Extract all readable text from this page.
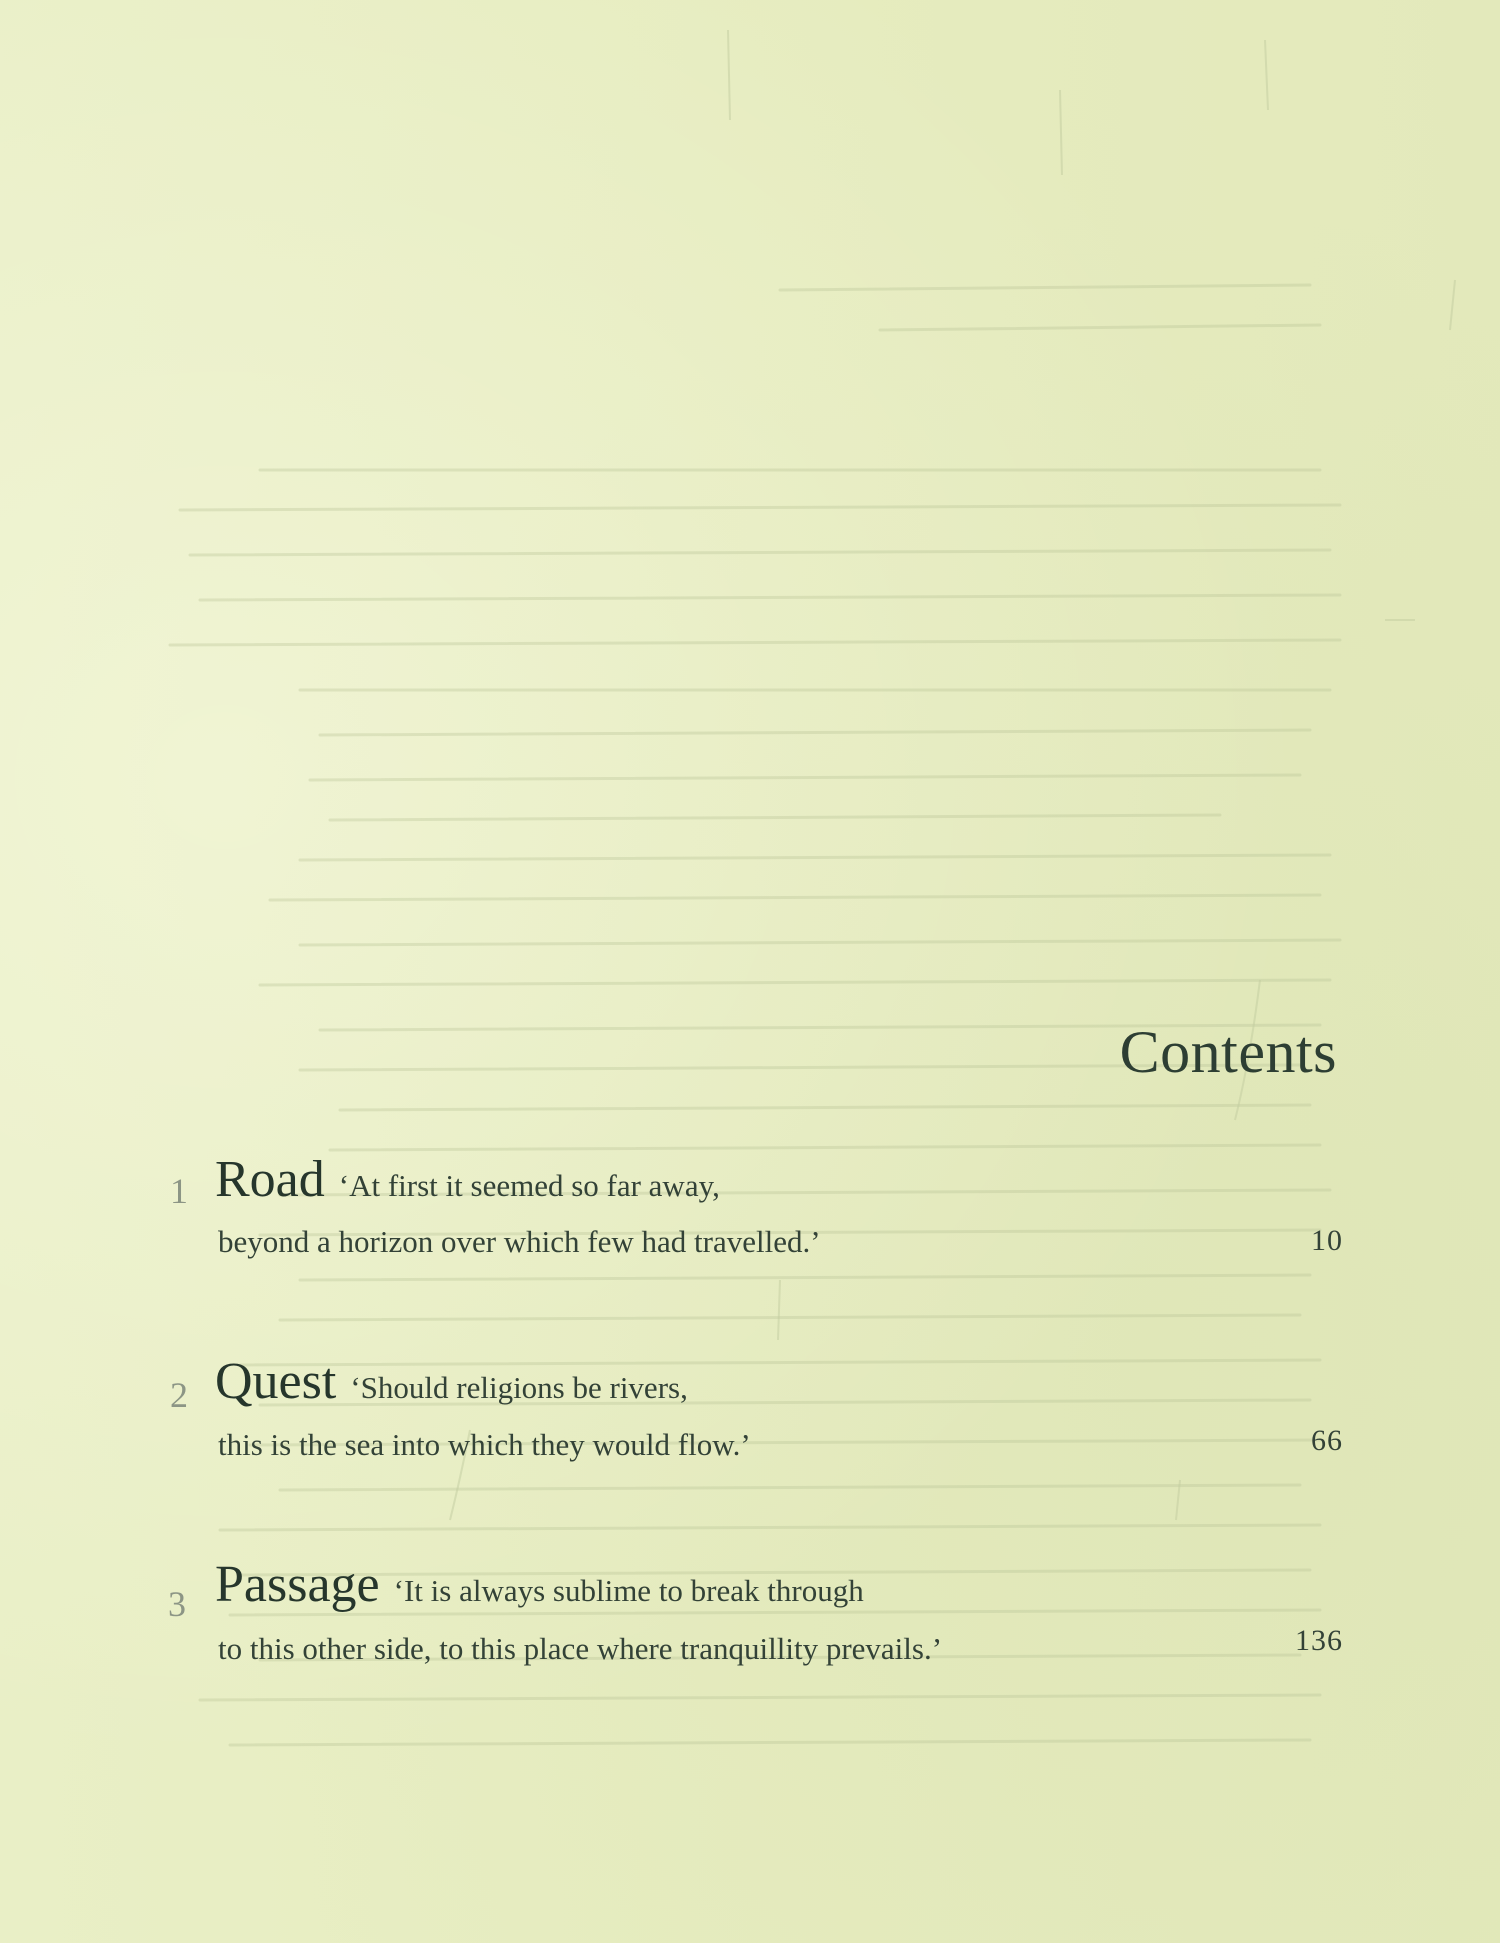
Contents
1 Road ‘At first it seemed so far away,
beyond a horizon over which few had travelled.’	10
2 Quest ‘Should religions be rivers,
this is the sea into which they would flow.’	66
3 Passage ‘It is always sublime to break through
to this other side, to this place where tranquillity prevails.’	136
